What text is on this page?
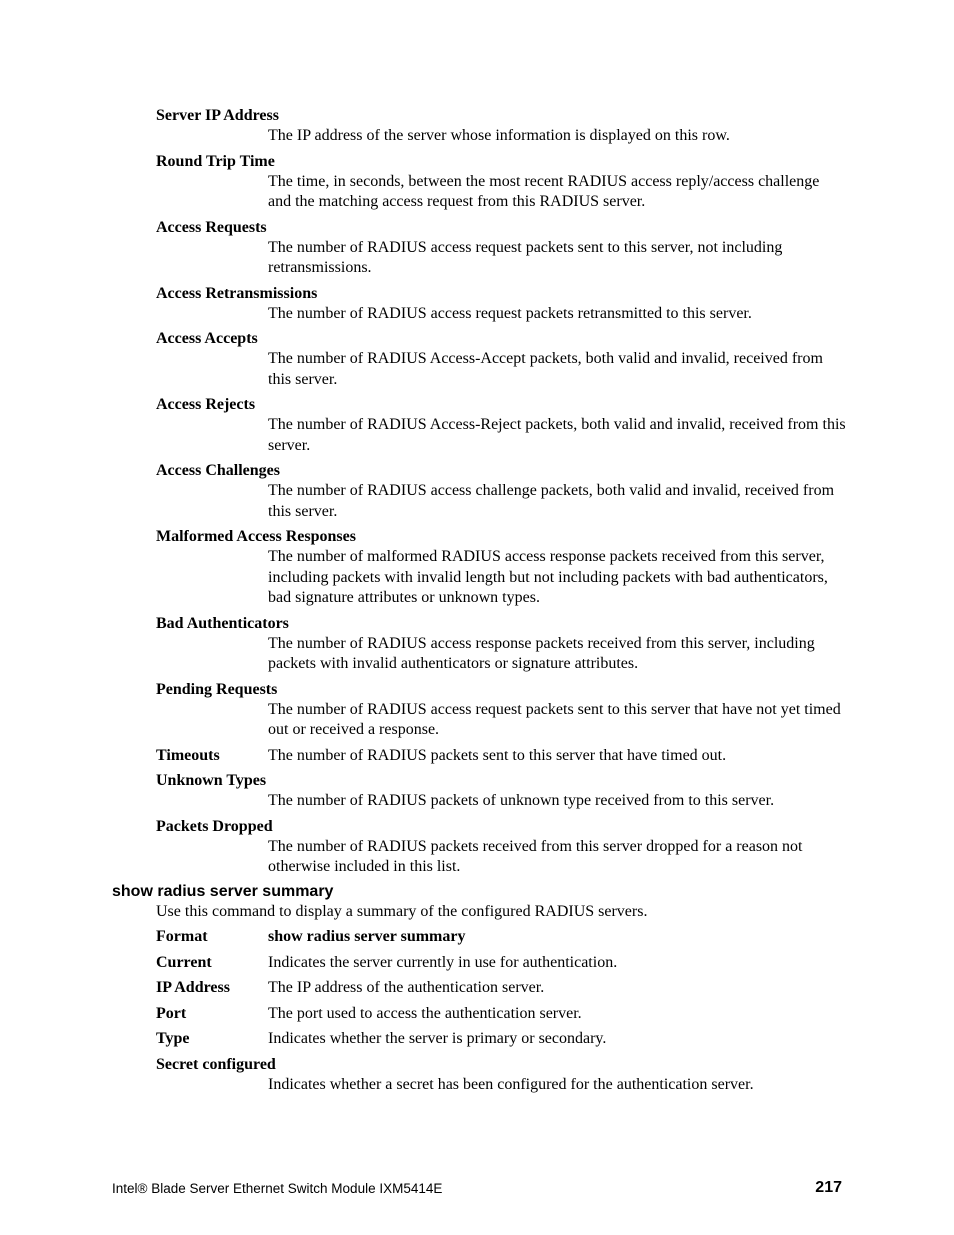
Server IP Address
The IP address of the server whose information is displayed on this row.
Round Trip Time
The time, in seconds, between the most recent RADIUS access reply/access challenge and the matching access request from this RADIUS server.
Access Requests
The number of RADIUS access request packets sent to this server, not including retransmissions.
Access Retransmissions
The number of RADIUS access request packets retransmitted to this server.
Access Accepts
The number of RADIUS Access-Accept packets, both valid and invalid, received from this server.
Access Rejects
The number of RADIUS Access-Reject packets, both valid and invalid, received from this server.
Access Challenges
The number of RADIUS access challenge packets, both valid and invalid, received from this server.
Malformed Access Responses
The number of malformed RADIUS access response packets received from this server, including packets with invalid length but not including packets with bad authenticators, bad signature attributes or unknown types.
Bad Authenticators
The number of RADIUS access response packets received from this server, including packets with invalid authenticators or signature attributes.
Pending Requests
The number of RADIUS access request packets sent to this server that have not yet timed out or received a response.
Timeouts	The number of RADIUS packets sent to this server that have timed out.
Unknown Types
The number of RADIUS packets of unknown type received from to this server.
Packets Dropped
The number of RADIUS packets received from this server dropped for a reason not otherwise included in this list.
show radius server summary
Use this command to display a summary of the configured RADIUS servers.
Format	show radius server summary
Current	Indicates the server currently in use for authentication.
IP Address	The IP address of the authentication server.
Port	The port used to access the authentication server.
Type	Indicates whether the server is primary or secondary.
Secret configured
Indicates whether a secret has been configured for the authentication server.
Intel® Blade Server Ethernet Switch Module IXM5414E	217
